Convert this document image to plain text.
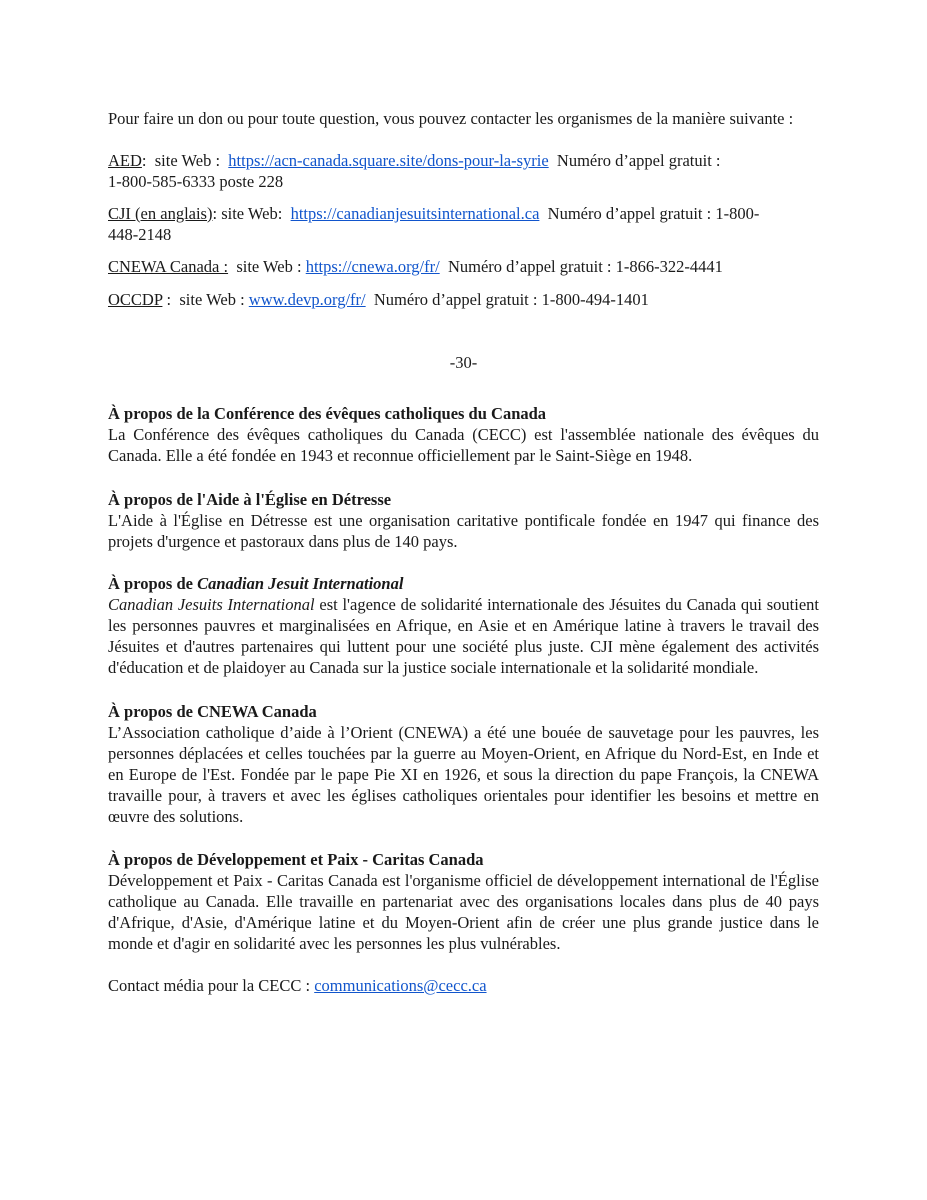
Pour faire un don ou pour toute question, vous pouvez contacter les organismes de la manière suivante :

AED:  site Web :  https://acn-canada.square.site/dons-pour-la-syrie  Numéro d’appel gratuit :
1-800-585-6333 poste 228

CJI (en anglais): site Web:  https://canadianjesuitsinternational.ca  Numéro d’appel gratuit : 1-800-
448-2148

CNEWA Canada :  site Web : https://cnewa.org/fr/  Numéro d’appel gratuit : 1-866-322-4441

OCCDP :  site Web : www.devp.org/fr/  Numéro d’appel gratuit : 1-800-494-1401

-30-

À propos de la Conférence des évêques catholiques du Canada

La Conférence des évêques catholiques du Canada (CECC) est l'assemblée nationale des évêques du Canada. Elle a été fondée en 1943 et reconnue officiellement par le Saint-Siège en 1948.

À propos de l'Aide à l'Église en Détresse

L'Aide à l'Église en Détresse est une organisation caritative pontificale fondée en 1947 qui finance des projets d'urgence et pastoraux dans plus de 140 pays.

À propos de Canadian Jesuit International

Canadian Jesuits International est l'agence de solidarité internationale des Jésuites du Canada qui soutient les personnes pauvres et marginalisées en Afrique, en Asie et en Amérique latine à travers le travail des Jésuites et d'autres partenaires qui luttent pour une société plus juste. CJI mène également des activités d'éducation et de plaidoyer au Canada sur la justice sociale internationale et la solidarité mondiale.

À propos de CNEWA Canada

L’Association catholique d’aide à l’Orient (CNEWA) a été une bouée de sauvetage pour les pauvres, les personnes déplacées et celles touchées par la guerre au Moyen-Orient, en Afrique du Nord-Est, en Inde et en Europe de l'Est. Fondée par le pape Pie XI en 1926, et sous la direction du pape François, la CNEWA travaille pour, à travers et avec les églises catholiques orientales pour identifier les besoins et mettre en œuvre des solutions.

À propos de Développement et Paix - Caritas Canada

Développement et Paix - Caritas Canada est l'organisme officiel de développement international de l'Église catholique au Canada. Elle travaille en partenariat avec des organisations locales dans plus de 40 pays d'Afrique, d'Asie, d'Amérique latine et du Moyen-Orient afin de créer une plus grande justice dans le monde et d'agir en solidarité avec les personnes les plus vulnérables.

Contact média pour la CECC : communications@cecc.ca
